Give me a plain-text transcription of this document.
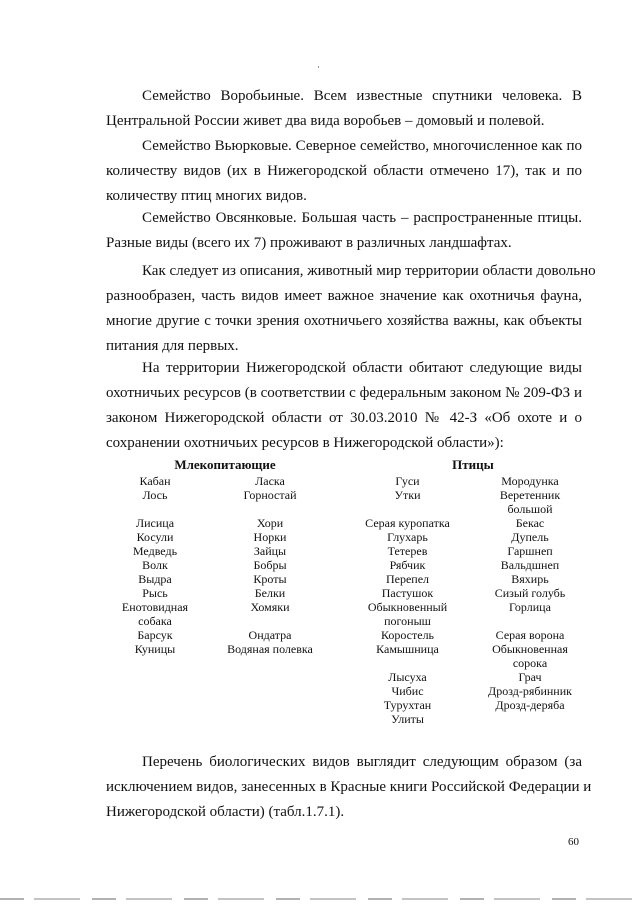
Семейство Воробьиные. Всем известные спутники человека. В
Центральной России живет два вида воробьев – домовый и полевой.
Семейство Вьюрковые. Северное семейство, многочисленное как по
количеству видов (их в Нижегородской области отмечено 17), так и по
количеству птиц многих видов.
Семейство Овсянковые. Большая часть – распространенные птицы.
Разные виды (всего их 7) проживают в различных ландшафтах.
Как следует из описания, животный мир территории области довольно
разнообразен, часть видов имеет важное значение как охотничья фауна,
многие другие с точки зрения охотничьего хозяйства важны, как объекты
питания для первых.
На территории Нижегородской области обитают следующие виды
охотничьих ресурсов (в соответствии с федеральным законом № 209-ФЗ и
законом Нижегородской области от 30.03.2010 № 42-З «Об охоте и о
сохранении охотничьих ресурсов в Нижегородской области»):
Млекопитающие	Птицы
Кабан
Лось
Лисица
Косули
Медведь
Волк
Выдра
Рысь
Енотовидная
собака
Барсук
Куницы
Ласка
Горностай
Хори
Норки
Зайцы
Бобры
Кроты
Белки
Хомяки
Ондатра
Водяная полевка
Гуси
Утки
Серая куропатка
Глухарь
Тетерев
Рябчик
Перепел
Пастушок
Обыкновенный
погоныш
Коростель
Камышница
Лысуха
Чибис
Турухтан
Улиты
Мородунка
Веретенник
большой
Бекас
Дупель
Гаршнеп
Вальдшнеп
Вяхирь
Сизый голубь
Горлица
Серая ворона
Обыкновенная
сорока
Грач
Дрозд-рябинник
Дрозд-деряба
Перечень биологических видов выглядит следующим образом (за
исключением видов, занесенных в Красные книги Российской Федерации и
Нижегородской области) (табл.1.7.1).
60
